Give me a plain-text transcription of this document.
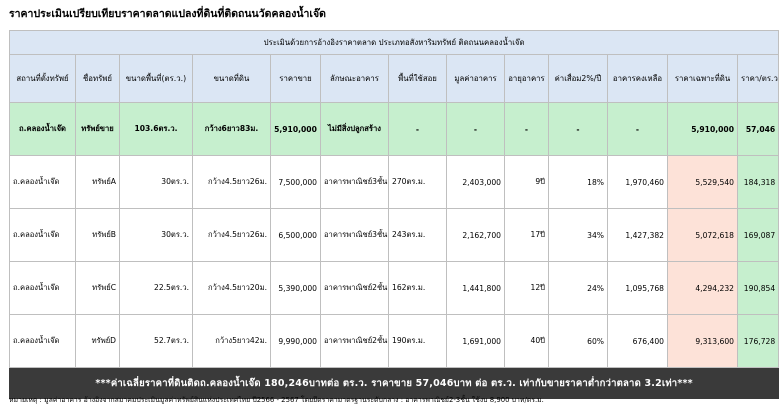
ราคาประเมินเปรียบเทียบราคาตลาดแปลงที่ดินที่ติดถนนวัดคลองน้ำเจ๊ด
ประเมินด้วยการอ้างอิงราคาตลาด ประเภทอสังหาริมทรัพย์ ติดถนนคลองน้ำเจ๊ด												
สถานที่ตั้งทรัพย์	ชื่อทรัพย์	ขนาดพื้นที่(ตร.ว.)	ขนาดที่ดิน	ราคาขาย	ลักษณะอาคาร	พื้นที่ใช้สอย	มูลค่าอาคาร	อายุอาคาร	ค่าเสื่อม2%/ปี	อาคารคงเหลือ	ราคาเฉพาะที่ดิน	ราคา/ตร.ว
ถ.คลองน้ำเจ๊ด	ทรัพย์ขาย	103.6ตร.ว.	กว้าง6ยาว83ม.	5,910,000	ไม่มีสิ่งปลูกสร้าง	-	-	-	-	-	5,910,000	57,046
ถ.คลองน้ำเจ๊ด	ทรัพย์A	30ตร.ว.	กว้าง4.5ยาว26ม.	7,500,000	อาคารพาณิชย์3ชั้น	270ตร.ม.	2,403,000	9ปี	18%	1,970,460	5,529,540	184,318
ถ.คลองน้ำเจ๊ด	ทรัพย์B	30ตร.ว.	กว้าง4.5ยาว26ม.	6,500,000	อาคารพาณิชย์3ชั้น	243ตร.ม.	2,162,700	17ปี	34%	1,427,382	5,072,618	169,087
ถ.คลองน้ำเจ๊ด	ทรัพย์C	22.5ตร.ว.	กว้าง4.5ยาว20ม.	5,390,000	อาคารพาณิชย์2ชั้น	162ตร.ม.	1,441,800	12ปี	24%	1,095,768	4,294,232	190,854
ถ.คลองน้ำเจ๊ด	ทรัพย์D	52.7ตร.ว.	กว้าง5ยาว42ม.	9,990,000	อาคารพาณิชย์2ชั้น	190ตร.ม.	1,691,000	40ปี	60%	676,400	9,313,600	176,728
***ค่าเฉลี่ยราคาที่ดินติดถ.คลองน้ำเจ๊ด 180,246บาทต่อ ตร.ว. ราคาขาย 57,046บาท ต่อ ตร.ว. เท่ากับขายราคาต่ำกว่าตลาด 3.2เท่า***												
หมายเหตุ : มูลค่าอาคาร อ้างอิงจากสมาคมประเมินมูลค่าทรัพย์สินแห่งประเทศไทย ปี2566 - 2567 โดยยึดราคามาตรฐานระดับกลาง : อาคารพาณิชย์2-3ชั้น ใช้งบ 8,900 บาท/ตร.ม.
